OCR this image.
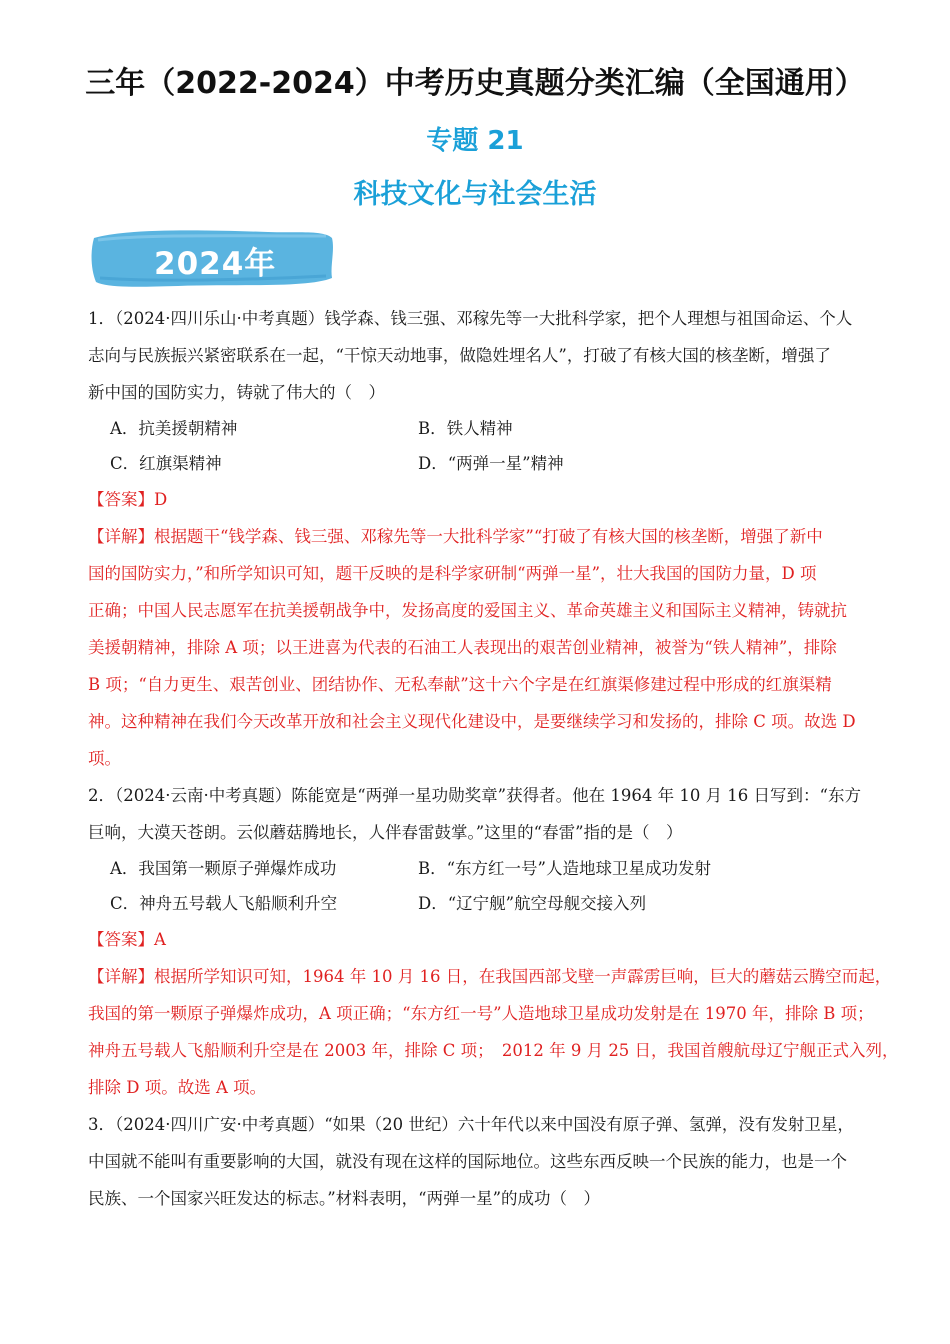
三年（2022-2024）中考历史真题分类汇编（全国通用）
专题 21
科技文化与社会生活
2024年
1．（2024·四川乐山·中考真题）钱学森、钱三强、邓稼先等一大批科学家，把个人理想与祖国命运、个人
志向与民族振兴紧密联系在一起，“干惊天动地事，做隐姓埋名人”，打破了有核大国的核垄断，增强了
新中国的国防实力，铸就了伟大的（　）
A．抗美援朝精神	B．铁人精神
C．红旗渠精神	D．“两弹一星”精神
【答案】D
【详解】根据题干“钱学森、钱三强、邓稼先等一大批科学家”“打破了有核大国的核垄断，增强了新中
国的国防实力，”和所学知识可知，题干反映的是科学家研制“两弹一星”，壮大我国的国防力量，D 项
正确；中国人民志愿军在抗美援朝战争中，发扬高度的爱国主义、革命英雄主义和国际主义精神，铸就抗
美援朝精神，排除 A 项；以王进喜为代表的石油工人表现出的艰苦创业精神，被誉为“铁人精神”，排除
B 项；“自力更生、艰苦创业、团结协作、无私奉献”这十六个字是在红旗渠修建过程中形成的红旗渠精
神。这种精神在我们今天改革开放和社会主义现代化建设中，是要继续学习和发扬的，排除 C 项。故选 D
项。
2．（2024·云南·中考真题）陈能宽是“两弹一星功勋奖章”获得者。他在 1964 年 10 月 16 日写到：“东方
巨响，大漠天苍朗。云似蘑菇腾地长，人伴春雷鼓掌。”这里的“春雷”指的是（　）
A．我国第一颗原子弹爆炸成功	B．“东方红一号”人造地球卫星成功发射
C．神舟五号载人飞船顺利升空	D．“辽宁舰”航空母舰交接入列
【答案】A
【详解】根据所学知识可知，1964 年 10 月 16 日，在我国西部戈壁一声霹雳巨响，巨大的蘑菇云腾空而起，
我国的第一颗原子弹爆炸成功，A 项正确；“东方红一号”人造地球卫星成功发射是在 1970 年，排除 B 项；
神舟五号载人飞船顺利升空是在 2003 年，排除 C 项；　2012 年 9 月 25 日，我国首艘航母辽宁舰正式入列，
排除 D 项。故选 A 项。
3．（2024·四川广安·中考真题）“如果（20 世纪）六十年代以来中国没有原子弹、氢弹，没有发射卫星，
中国就不能叫有重要影响的大国，就没有现在这样的国际地位。这些东西反映一个民族的能力，也是一个
民族、一个国家兴旺发达的标志。”材料表明，“两弹一星”的成功（　）
